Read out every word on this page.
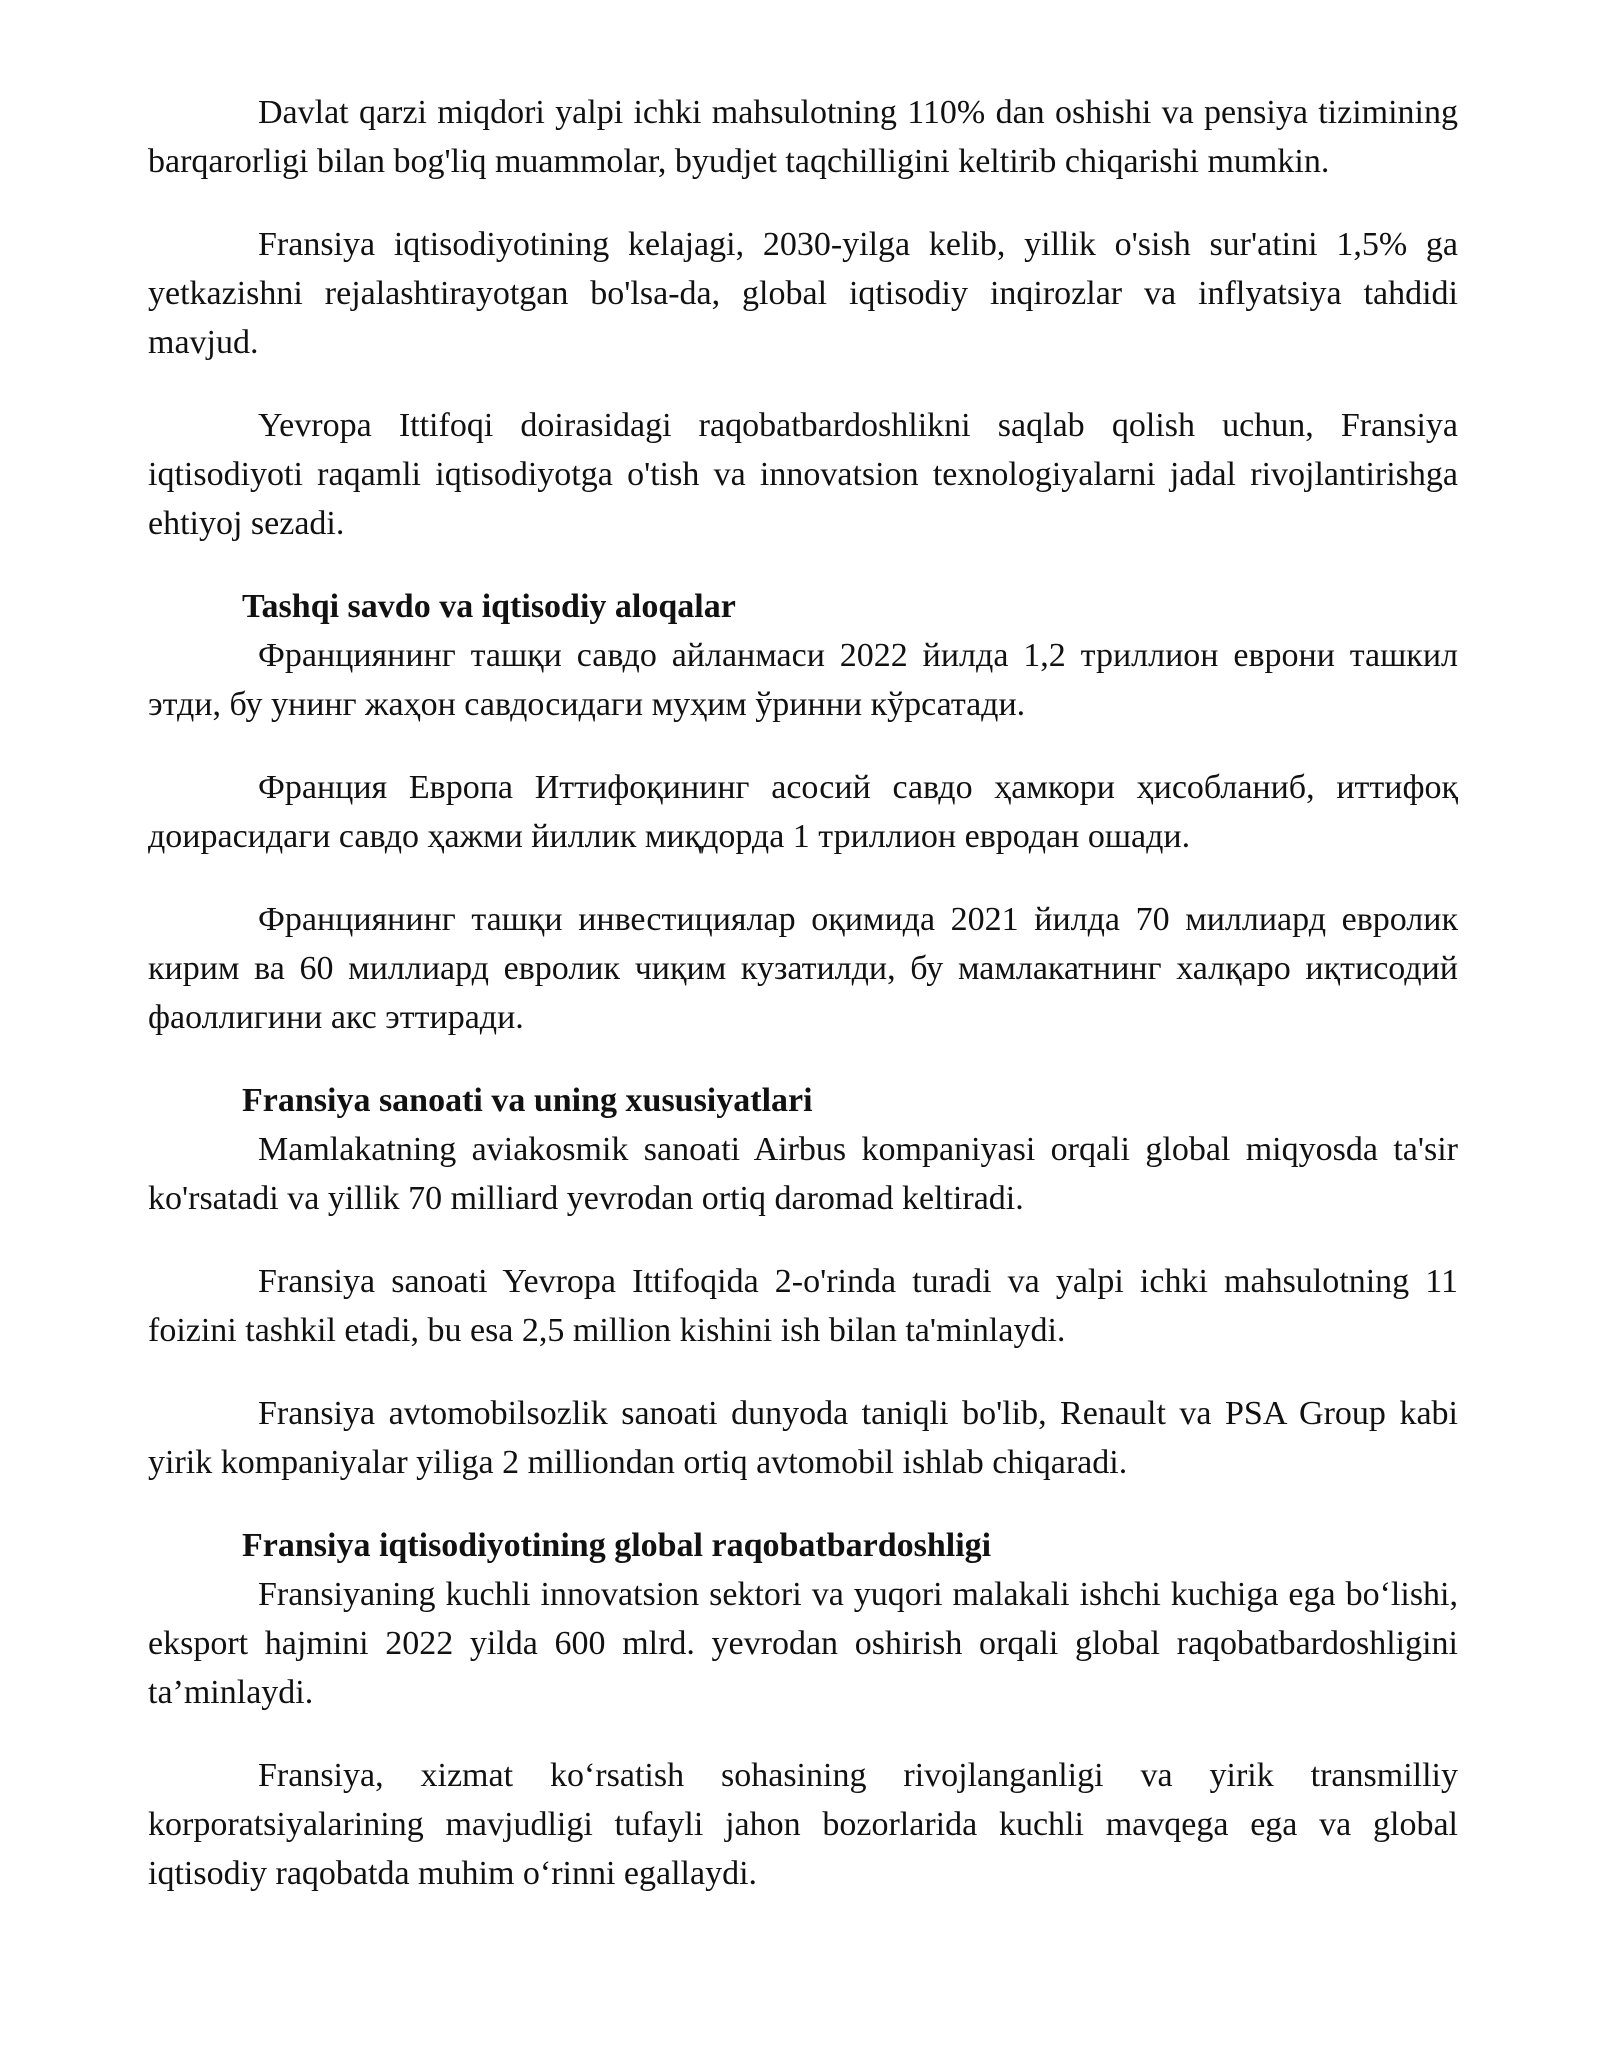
Davlat qarzi miqdori yalpi ichki mahsulotning 110% dan oshishi va pensiya tizimining barqarorligi bilan bog'liq muammolar, byudjet taqchilligini keltirib chiqarishi mumkin.

Fransiya iqtisodiyotining kelajagi, 2030-yilga kelib, yillik o'sish sur'atini 1,5% ga yetkazishni rejalashtirayotgan bo'lsa-da, global iqtisodiy inqirozlar va inflyatsiya tahdidi mavjud.

Yevropa Ittifoqi doirasidagi raqobatbardoshlikni saqlab qolish uchun, Fransiya iqtisodiyoti raqamli iqtisodiyotga o'tish va innovatsion texnologiyalarni jadal rivojlantirishga ehtiyoj sezadi.

Tashqi savdo va iqtisodiy aloqalar

Франциянинг ташқи савдо айланмаси 2022 йилда 1,2 триллион еврони ташкил этди, бу унинг жаҳон савдосидаги муҳим ўринни кўрсатади.

Франция Европа Иттифоқининг асосий савдо ҳамкори ҳисобланиб, иттифоқ доирасидаги савдо ҳажми йиллик миқдорда 1 триллион евродан ошади.

Франциянинг ташқи инвестициялар оқимида 2021 йилда 70 миллиард евролик кирим ва 60 миллиард евролик чиқим кузатилди, бу мамлакатнинг халқаро иқтисодий фаоллигини акс эттиради.

Fransiya sanoati va uning xususiyatlari

Mamlakatning aviakosmik sanoati Airbus kompaniyasi orqali global miqyosda ta'sir ko'rsatadi va yillik 70 milliard yevrodan ortiq daromad keltiradi.

Fransiya sanoati Yevropa Ittifoqida 2-o'rinda turadi va yalpi ichki mahsulotning 11 foizini tashkil etadi, bu esa 2,5 million kishini ish bilan ta'minlaydi.

Fransiya avtomobilsozlik sanoati dunyoda taniqli bo'lib, Renault va PSA Group kabi yirik kompaniyalar yiliga 2 milliondan ortiq avtomobil ishlab chiqaradi.

Fransiya iqtisodiyotining global raqobatbardoshligi

Fransiyaning kuchli innovatsion sektori va yuqori malakali ishchi kuchiga ega bo‘lishi, eksport hajmini 2022 yilda 600 mlrd. yevrodan oshirish orqali global raqobatbardoshligini ta’minlaydi.

Fransiya, xizmat ko‘rsatish sohasining rivojlanganligi va yirik transmilliy korporatsiyalarining mavjudligi tufayli jahon bozorlarida kuchli mavqega ega va global iqtisodiy raqobatda muhim o‘rinni egallaydi.
